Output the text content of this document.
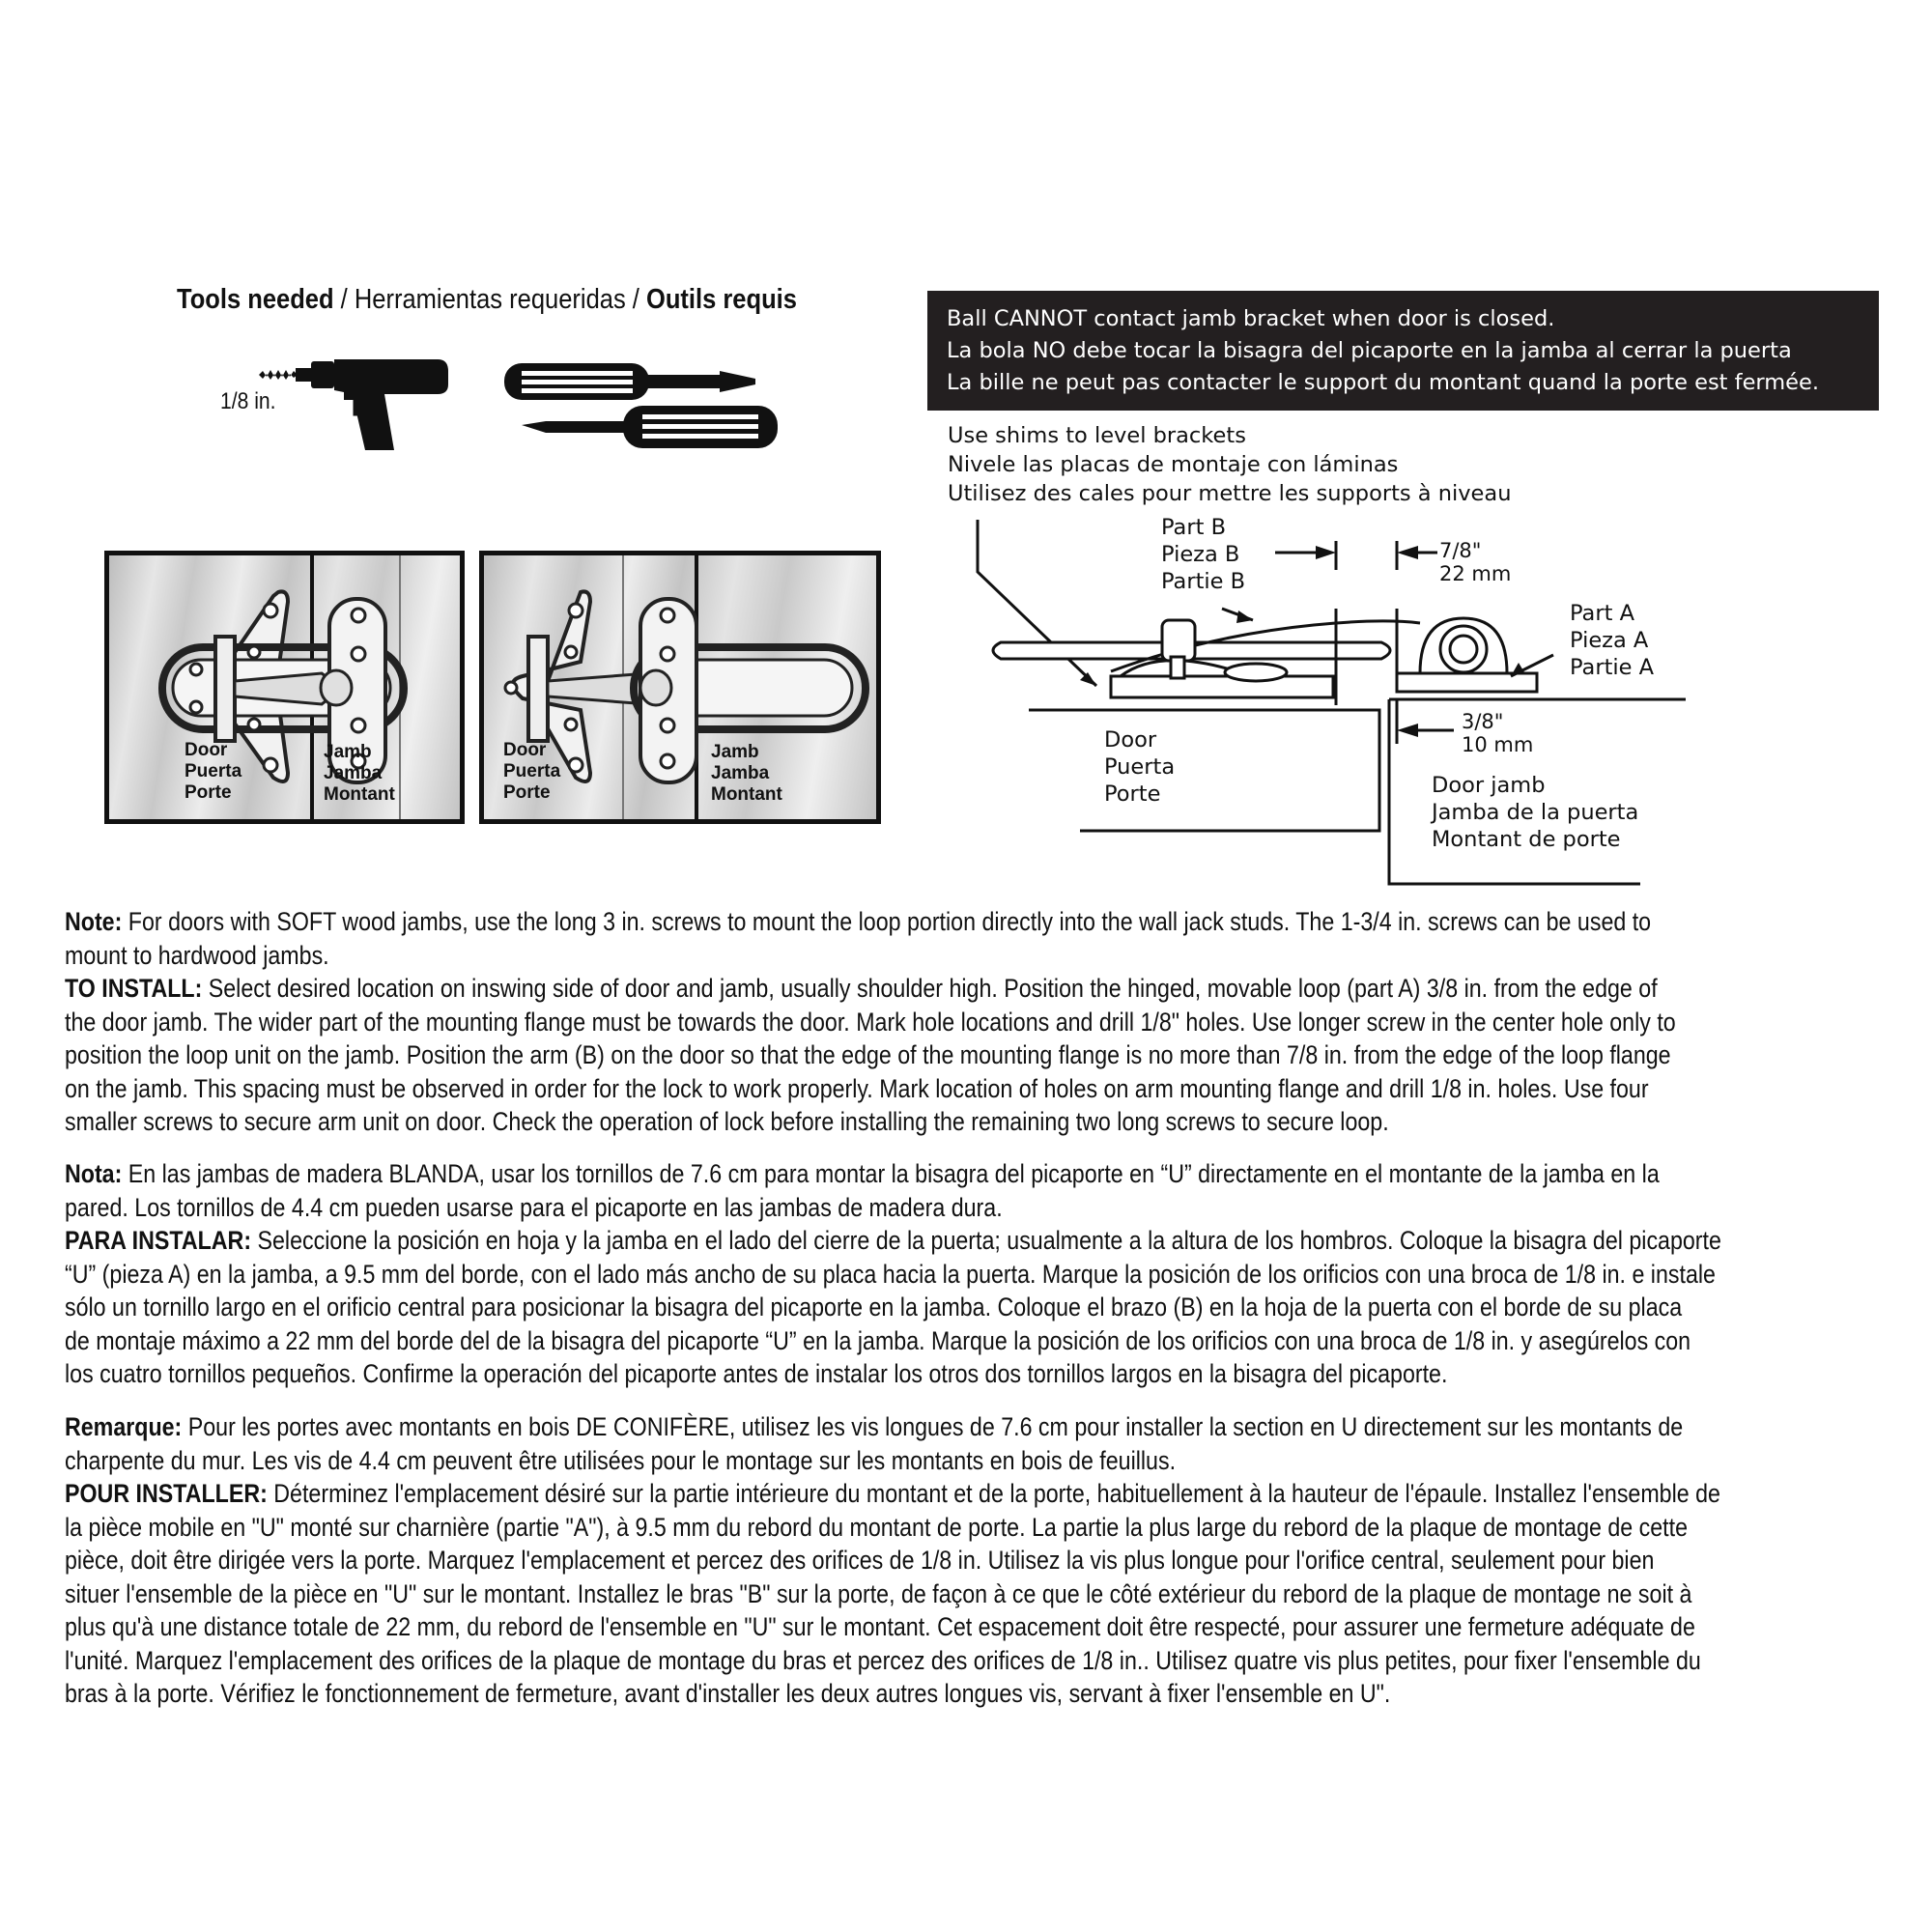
Tools needed / Herramientas requeridas / Outils requis
1/8 in.
Door
Puerta
Porte
Jamb
Jamba
Montant
Door
Puerta
Porte
Jamb
Jamba
Montant
Ball CANNOT contact jamb bracket when door is closed.
La bola NO debe tocar la bisagra del picaporte en la jamba al cerrar la puerta
La bille ne peut pas contacter le support du montant quand la porte est fermée.
Use shims to level brackets
Nivele las placas de montaje con láminas
Utilisez des cales pour mettre les supports à niveau
Part B
Pieza B
Partie B
7/8"
22 mm
Part A
Pieza A
Partie A
3/8"
10 mm
Door
Puerta
Porte	Door jamb
Jamba de la puerta
Montant de porte
Note: For doors with SOFT wood jambs, use the long 3 in. screws to mount the loop portion directly into the wall jack studs. The 1-3/4 in. screws can be used to
mount to hardwood jambs.
TO INSTALL: Select desired location on inswing side of door and jamb, usually shoulder high. Position the hinged, movable loop (part A) 3/8 in. from the edge of
the door jamb. The wider part of the mounting flange must be towards the door. Mark hole locations and drill 1/8" holes. Use longer screw in the center hole only to
position the loop unit on the jamb. Position the arm (B) on the door so that the edge of the mounting flange is no more than 7/8 in. from the edge of the loop flange
on the jamb. This spacing must be observed in order for the lock to work properly. Mark location of holes on arm mounting flange and drill 1/8 in. holes. Use four
smaller screws to secure arm unit on door. Check the operation of lock before installing the remaining two long screws to secure loop.
Nota: En las jambas de madera BLANDA, usar los tornillos de 7.6 cm para montar la bisagra del picaporte en “U” directamente en el montante de la jamba en la
pared. Los tornillos de 4.4 cm pueden usarse para el picaporte en las jambas de madera dura.
PARA INSTALAR: Seleccione la posición en hoja y la jamba en el lado del cierre de la puerta; usualmente a la altura de los hombros. Coloque la bisagra del picaporte
“U” (pieza A) en la jamba, a 9.5 mm del borde, con el lado más ancho de su placa hacia la puerta. Marque la posición de los orificios con una broca de 1/8 in. e instale
sólo un tornillo largo en el orificio central para posicionar la bisagra del picaporte en la jamba. Coloque el brazo (B) en la hoja de la puerta con el borde de su placa
de montaje máximo a 22 mm del borde del de la bisagra del picaporte “U” en la jamba. Marque la posición de los orificios con una broca de 1/8 in. y asegúrelos con
los cuatro tornillos pequeños. Confirme la operación del picaporte antes de instalar los otros dos tornillos largos en la bisagra del picaporte.
Remarque: Pour les portes avec montants en bois DE CONIFÈRE, utilisez les vis longues de 7.6 cm pour installer la section en U directement sur les montants de
charpente du mur. Les vis de 4.4 cm peuvent être utilisées pour le montage sur les montants en bois de feuillus.
POUR INSTALLER: Déterminez l'emplacement désiré sur la partie intérieure du montant et de la porte, habituellement à la hauteur de l'épaule. Installez l'ensemble de
la pièce mobile en "U" monté sur charnière (partie "A"), à 9.5 mm du rebord du montant de porte. La partie la plus large du rebord de la plaque de montage de cette
pièce, doit être dirigée vers la porte. Marquez l'emplacement et percez des orifices de 1/8 in. Utilisez la vis plus longue pour l'orifice central, seulement pour bien
situer l'ensemble de la pièce en "U" sur le montant. Installez le bras "B" sur la porte, de façon à ce que le côté extérieur du rebord de la plaque de montage ne soit à
plus qu'à une distance totale de 22 mm, du rebord de l'ensemble en "U" sur le montant. Cet espacement doit être respecté, pour assurer une fermeture adéquate de
l'unité. Marquez l'emplacement des orifices de la plaque de montage du bras et percez des orifices de 1/8 in.. Utilisez quatre vis plus petites, pour fixer l'ensemble du
bras à la porte. Vérifiez le fonctionnement de fermeture, avant d'installer les deux autres longues vis, servant à fixer l'ensemble en U".
